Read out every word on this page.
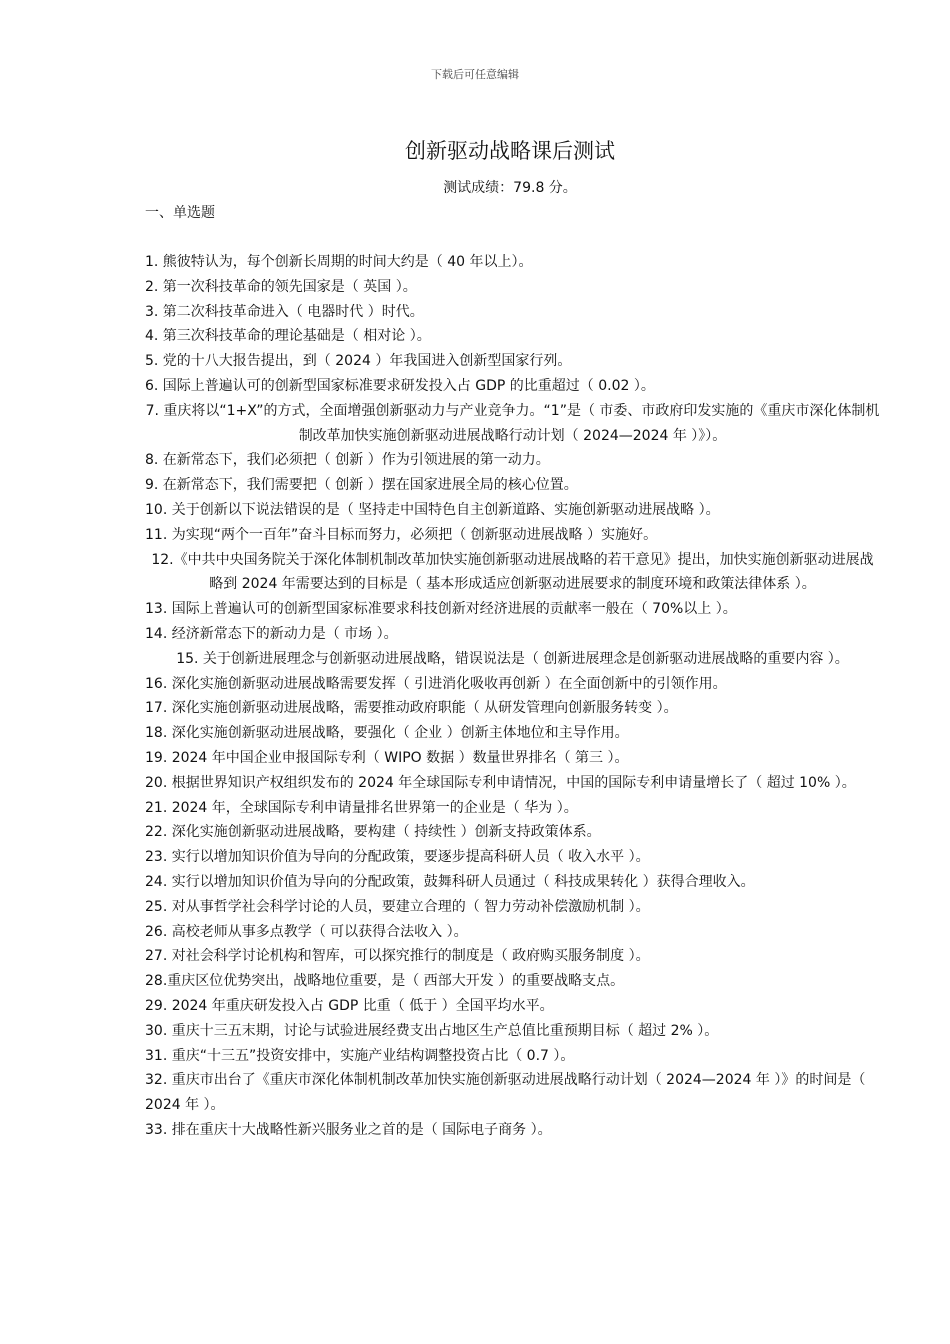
下载后可任意编辑
创新驱动战略课后测试
测试成绩：79.8 分。
一、单选题
1. 熊彼特认为，每个创新长周期的时间大约是（ 40 年以上）。
2. 第一次科技革命的领先国家是（ 英国 ）。
3. 第二次科技革命进入（ 电器时代 ）时代。
4. 第三次科技革命的理论基础是（ 相对论 ）。
5. 党的十八大报告提出，到（ 2024 ）年我国进入创新型国家行列。
6. 国际上普遍认可的创新型国家标准要求研发投入占 GDP 的比重超过（ 0.02 ）。
7. 重庆将以“1+X”的方式，全面增强创新驱动力与产业竞争力。“1”是（ 市委、市政府印发实施的《重庆市深化体制机制改革加快实施创新驱动进展战略行动计划（ 2024—2024 年 ）》）。
8. 在新常态下，我们必须把（ 创新 ）作为引领进展的第一动力。
9. 在新常态下，我们需要把（ 创新 ）摆在国家进展全局的核心位置。
10. 关于创新以下说法错误的是（ 坚持走中国特色自主创新道路、实施创新驱动进展战略 ）。
11. 为实现“两个一百年”奋斗目标而努力，必须把（ 创新驱动进展战略 ）实施好。
12.《中共中央国务院关于深化体制机制改革加快实施创新驱动进展战略的若干意见》提出，加快实施创新驱动进展战略到 2024 年需要达到的目标是（ 基本形成适应创新驱动进展要求的制度环境和政策法律体系 ）。
13. 国际上普遍认可的创新型国家标准要求科技创新对经济进展的贡献率一般在（ 70%以上 ）。
14. 经济新常态下的新动力是（ 市场 ）。
15. 关于创新进展理念与创新驱动进展战略，错误说法是（ 创新进展理念是创新驱动进展战略的重要内容 ）。
16. 深化实施创新驱动进展战略需要发挥（ 引进消化吸收再创新 ）在全面创新中的引领作用。
17. 深化实施创新驱动进展战略，需要推动政府职能（ 从研发管理向创新服务转变 ）。
18. 深化实施创新驱动进展战略，要强化（ 企业 ）创新主体地位和主导作用。
19. 2024 年中国企业申报国际专利（ WIPO 数据 ）数量世界排名（ 第三 ）。
20. 根据世界知识产权组织发布的 2024 年全球国际专利申请情况，中国的国际专利申请量增长了（ 超过 10% ）。
21. 2024 年，全球国际专利申请量排名世界第一的企业是（ 华为 ）。
22. 深化实施创新驱动进展战略，要构建（ 持续性 ）创新支持政策体系。
23. 实行以增加知识价值为导向的分配政策，要逐步提高科研人员（ 收入水平 ）。
24. 实行以增加知识价值为导向的分配政策，鼓舞科研人员通过（ 科技成果转化 ）获得合理收入。
25. 对从事哲学社会科学讨论的人员，要建立合理的（ 智力劳动补偿激励机制 ）。
26. 高校老师从事多点教学（ 可以获得合法收入 ）。
27. 对社会科学讨论机构和智库，可以探究推行的制度是（ 政府购买服务制度 ）。
28.重庆区位优势突出，战略地位重要，是（ 西部大开发 ）的重要战略支点。
29. 2024 年重庆研发投入占 GDP 比重（ 低于 ）全国平均水平。
30. 重庆十三五末期，讨论与试验进展经费支出占地区生产总值比重预期目标（ 超过 2% ）。
31. 重庆“十三五”投资安排中，实施产业结构调整投资占比（ 0.7 ）。
32. 重庆市出台了《重庆市深化体制机制改革加快实施创新驱动进展战略行动计划（ 2024—2024 年 ）》的时间是（ 2024 年 ）。
33. 排在重庆十大战略性新兴服务业之首的是（ 国际电子商务 ）。
